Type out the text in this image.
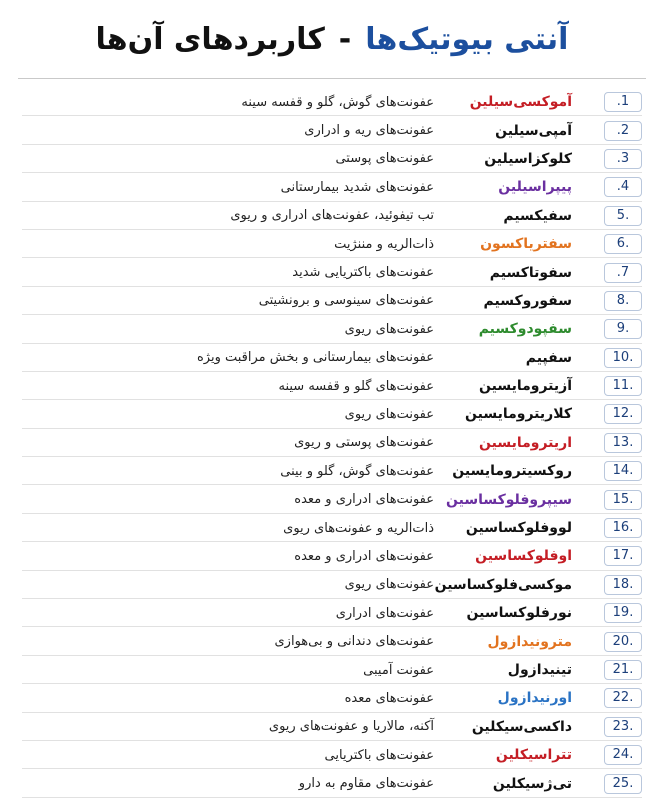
آنتی بیوتیک‌ها-کاربردهای آن‌ها
.1
آموکسی‌سیلین
عفونت‌های گوش، گلو و قفسه سینه
.2
آمپی‌سیلین
عفونت‌های ریه و ادراری
.3
کلوکزاسیلین
عفونت‌های پوستی
.4
پیپراسیلین
عفونت‌های شدید بیمارستانی
5.
سفیکسیم
تب تیفوئید، عفونت‌های ادراری و ریوی
6.
سفتریاکسون
ذات‌الریه و مننژیت
.7
سفوتاکسیم
عفونت‌های باکتریایی شدید
8.
سفوروکسیم
عفونت‌های سینوسی و برونشیتی
9.
سفپودوکسیم
عفونت‌های ریوی
10.
سفپیم
عفونت‌های بیمارستانی و بخش مراقبت ویژه
11.
آزیترومایسین
عفونت‌های گلو و قفسه سینه
12.
کلاریترومایسین
عفونت‌های ریوی
13.
اریترومایسین
عفونت‌های پوستی و ریوی
14.
روکسیترومایسین
عفونت‌های گوش، گلو و بینی
15.
سیپروفلوکساسین
عفونت‌های ادراری و معده
16.
لووفلوکساسین
ذات‌الریه و عفونت‌های ریوی
17.
اوفلوکساسین
عفونت‌های ادراری و معده
18.
موکسی‌فلوکساسین
عفونت‌های ریوی
19.
نورفلوکساسین
عفونت‌های ادراری
20.
مترونیدازول
عفونت‌های دندانی و بی‌هوازی
21.
تینیدازول
عفونت آمیبی
22.
اورنیدازول
عفونت‌های معده
23.
داکسی‌سیکلین
آکنه، مالاریا و عفونت‌های ریوی
24.
تتراسیکلین
عفونت‌های باکتریایی
25.
تی‌ژسیکلین
عفونت‌های مقاوم به دارو
